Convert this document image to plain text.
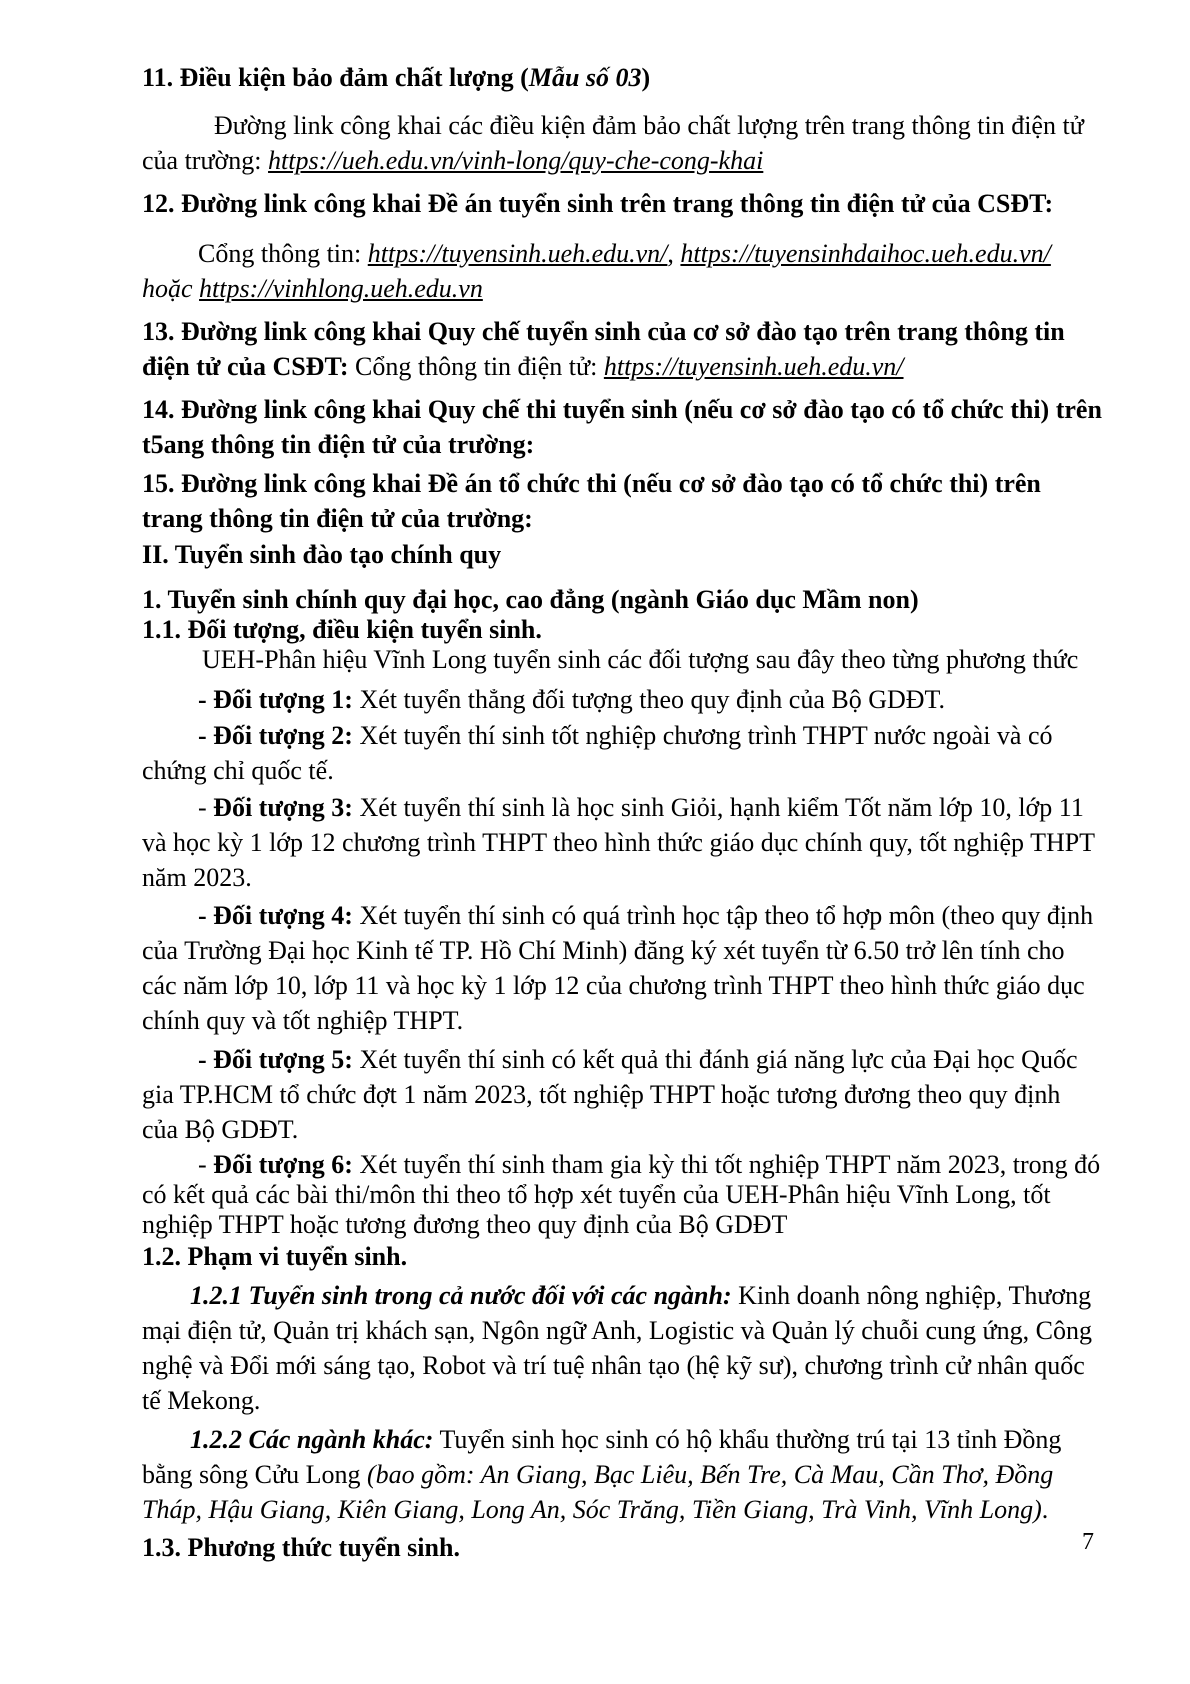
11. Điều kiện bảo đảm chất lượng (Mẫu số 03)

Đường link công khai các điều kiện đảm bảo chất lượng trên trang thông tin điện tử của trường: https://ueh.edu.vn/vinh-long/quy-che-cong-khai

12. Đường link công khai Đề án tuyển sinh trên trang thông tin điện tử của CSĐT:

Cổng thông tin: https://tuyensinh.ueh.edu.vn/, https://tuyensinhdaihoc.ueh.edu.vn/
hoặc https://vinhlong.ueh.edu.vn

13. Đường link công khai Quy chế tuyển sinh của cơ sở đào tạo trên trang thông tin điện tử của CSĐT: Cổng thông tin điện tử: https://tuyensinh.ueh.edu.vn/

14. Đường link công khai Quy chế thi tuyển sinh (nếu cơ sở đào tạo có tổ chức thi) trên t5ang thông tin điện tử của trường:

15. Đường link công khai Đề án tổ chức thi (nếu cơ sở đào tạo có tổ chức thi) trên trang thông tin điện tử của trường:

II. Tuyển sinh đào tạo chính quy

1. Tuyển sinh chính quy đại học, cao đẳng (ngành Giáo dục Mầm non)

1.1. Đối tượng, điều kiện tuyển sinh.

UEH-Phân hiệu Vĩnh Long tuyển sinh các đối tượng sau đây theo từng phương thức

- Đối tượng 1: Xét tuyển thẳng đối tượng theo quy định của Bộ GDĐT.

- Đối tượng 2: Xét tuyển thí sinh tốt nghiệp chương trình THPT nước ngoài và có chứng chỉ quốc tế.

- Đối tượng 3: Xét tuyển thí sinh là học sinh Giỏi, hạnh kiểm Tốt năm lớp 10, lớp 11 và học kỳ 1 lớp 12 chương trình THPT theo hình thức giáo dục chính quy, tốt nghiệp THPT năm 2023.

- Đối tượng 4: Xét tuyển thí sinh có quá trình học tập theo tổ hợp môn (theo quy định của Trường Đại học Kinh tế TP. Hồ Chí Minh) đăng ký xét tuyển từ 6.50 trở lên tính cho các năm lớp 10, lớp 11 và học kỳ 1 lớp 12 của chương trình THPT theo hình thức giáo dục chính quy và tốt nghiệp THPT.

- Đối tượng 5: Xét tuyển thí sinh có kết quả thi đánh giá năng lực của Đại học Quốc gia TP.HCM tổ chức đợt 1 năm 2023, tốt nghiệp THPT hoặc tương đương theo quy định của Bộ GDĐT.

- Đối tượng 6: Xét tuyển thí sinh tham gia kỳ thi tốt nghiệp THPT năm 2023, trong đó có kết quả các bài thi/môn thi theo tổ hợp xét tuyển của UEH-Phân hiệu Vĩnh Long, tốt nghiệp THPT hoặc tương đương theo quy định của Bộ GDĐT

1.2. Phạm vi tuyển sinh.

1.2.1 Tuyển sinh trong cả nước đối với các ngành: Kinh doanh nông nghiệp, Thương mại điện tử, Quản trị khách sạn, Ngôn ngữ Anh, Logistic và Quản lý chuỗi cung ứng, Công nghệ và Đổi mới sáng tạo, Robot và trí tuệ nhân tạo (hệ kỹ sư), chương trình cử nhân quốc tế Mekong.

1.2.2 Các ngành khác: Tuyển sinh học sinh có hộ khẩu thường trú tại 13 tỉnh Đồng bằng sông Cửu Long (bao gồm: An Giang, Bạc Liêu, Bến Tre, Cà Mau, Cần Thơ, Đồng Tháp, Hậu Giang, Kiên Giang, Long An, Sóc Trăng, Tiền Giang, Trà Vinh, Vĩnh Long).

1.3. Phương thức tuyển sinh.	7
